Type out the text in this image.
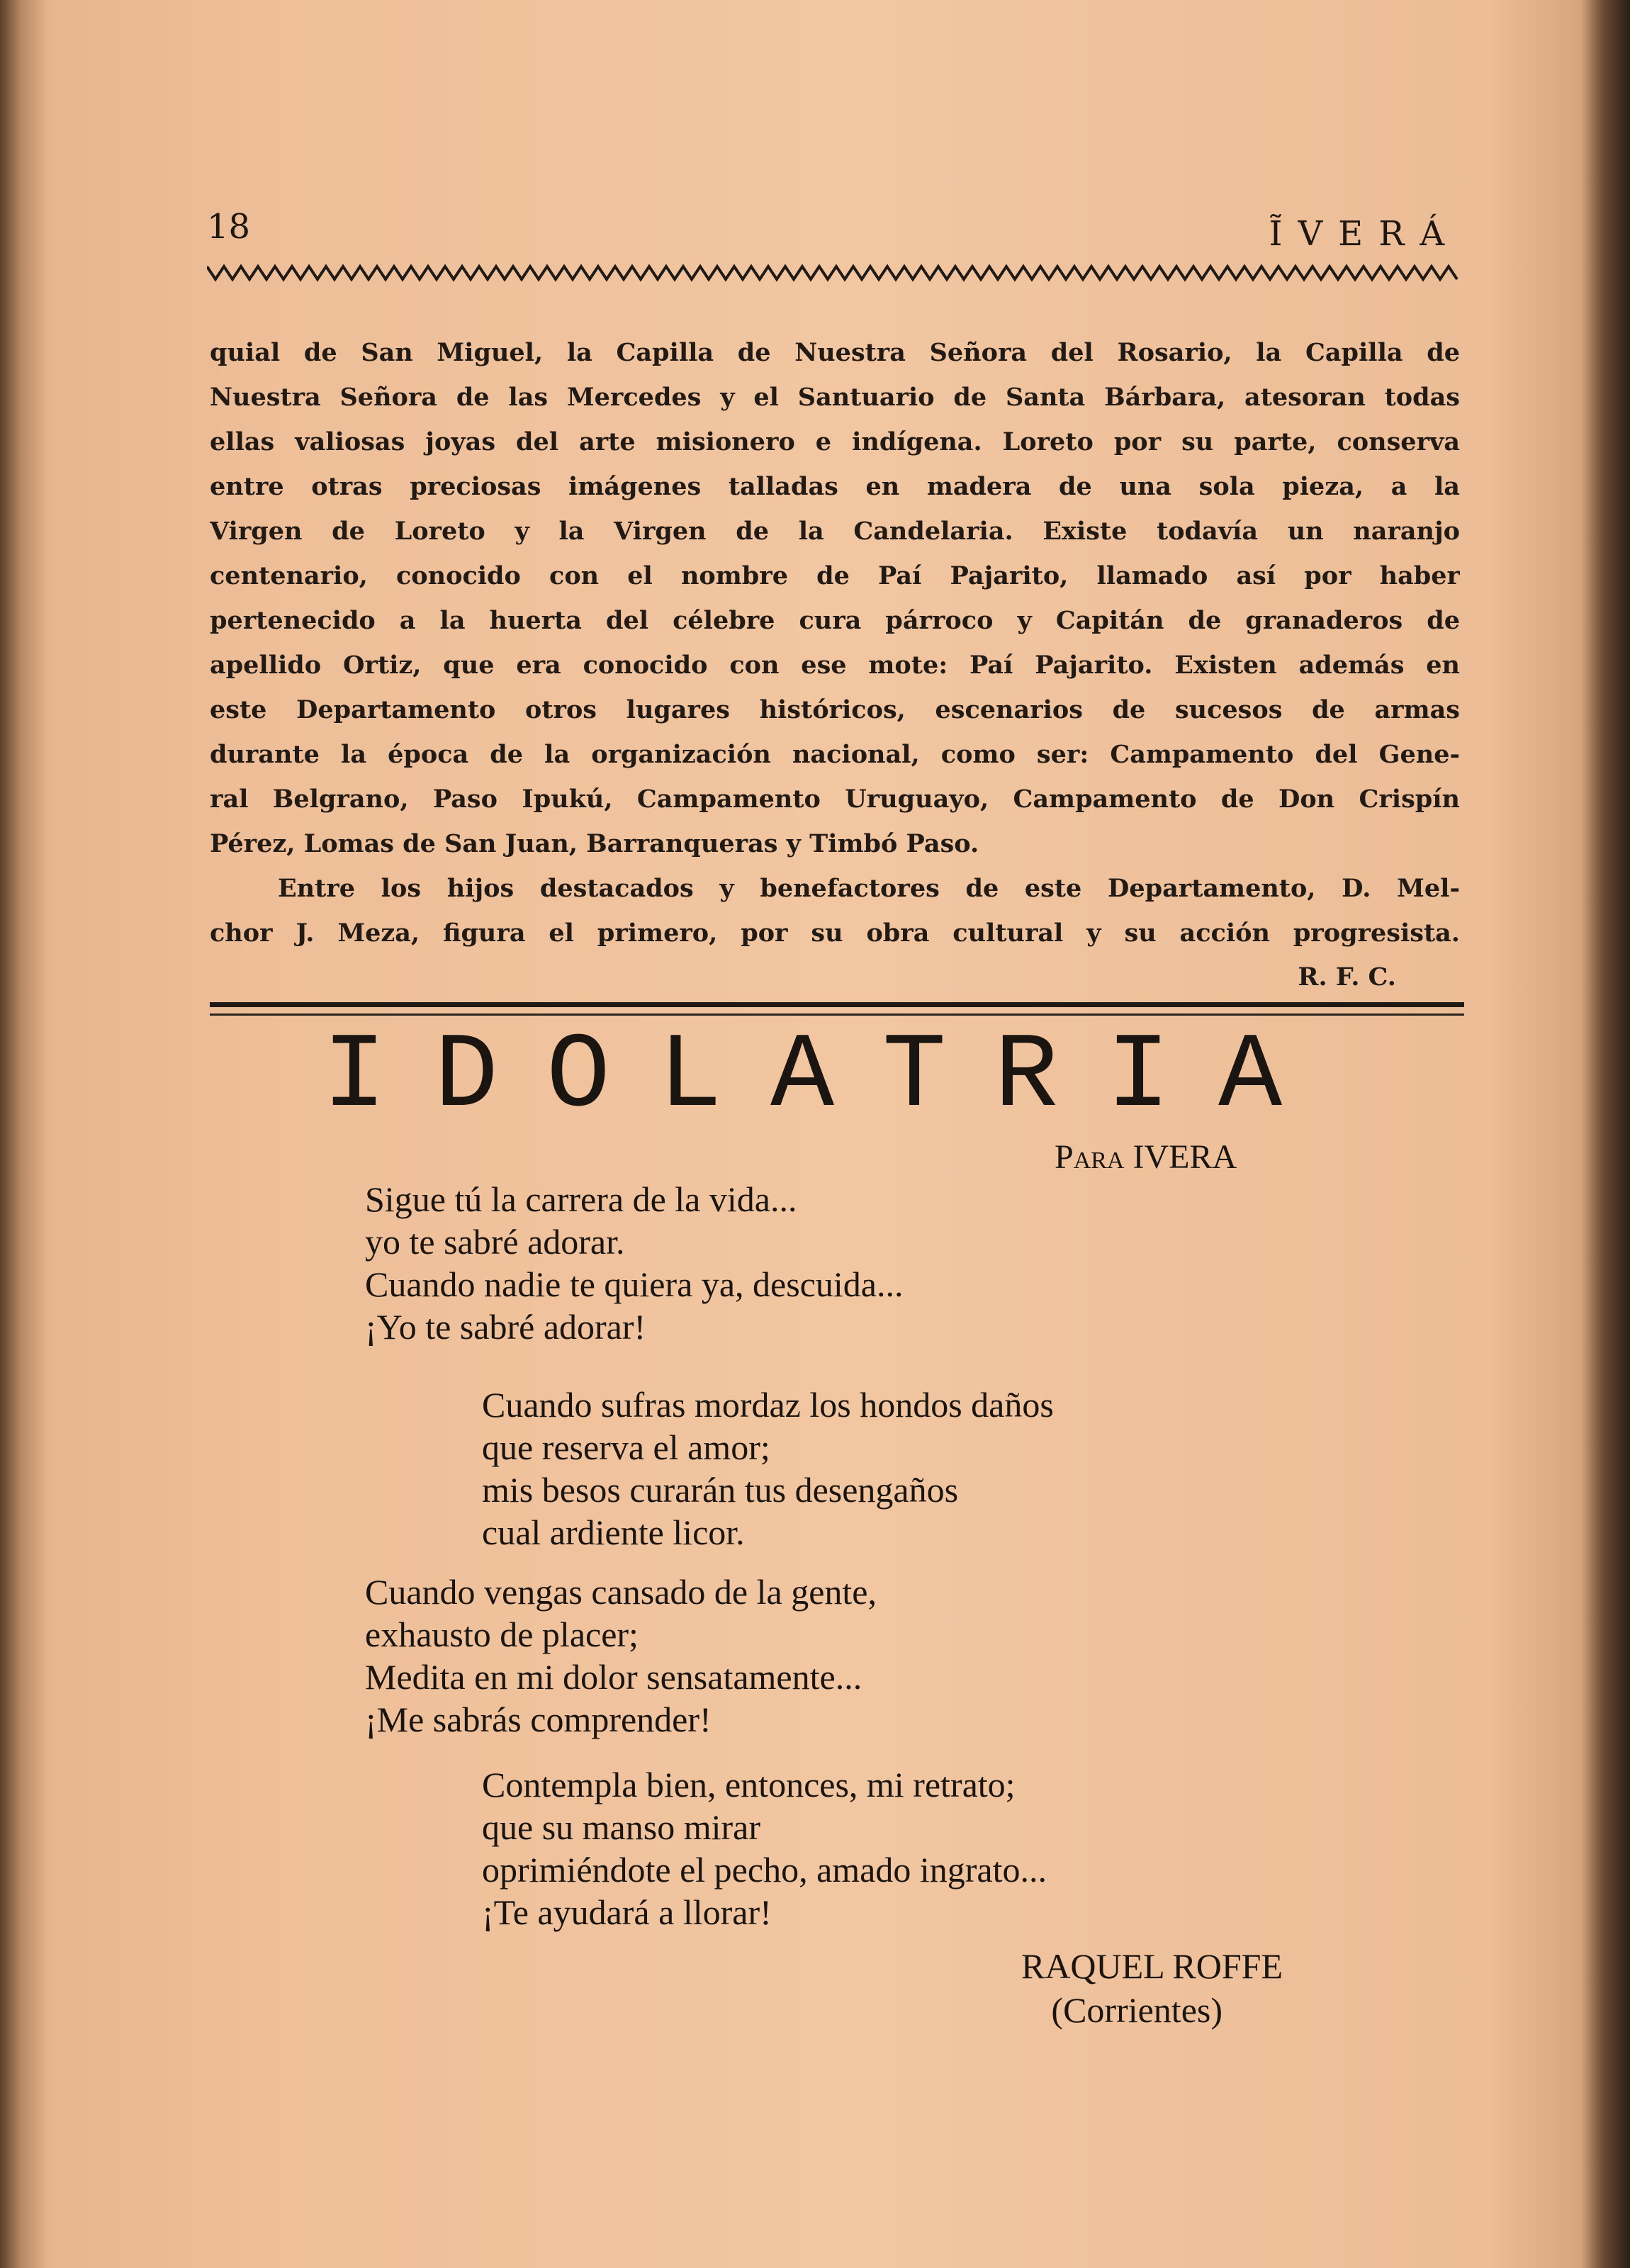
18	ĨVERÁ
quial de San Miguel, la Capilla de Nuestra Señora del Rosario, la Capilla de
Nuestra Señora de las Mercedes y el Santuario de Santa Bárbara, atesoran todas
ellas valiosas joyas del arte misionero e indígena. Loreto por su parte, conserva
entre otras preciosas imágenes talladas en madera de una sola pieza, a la
Virgen de Loreto y la Virgen de la Candelaria. Existe todavía un naranjo
centenario, conocido con el nombre de Paí Pajarito, llamado así por haber
pertenecido a la huerta del célebre cura párroco y Capitán de granaderos de
apellido Ortiz, que era conocido con ese mote: Paí Pajarito. Existen además en
este Departamento otros lugares históricos, escenarios de sucesos de armas
durante la época de la organización nacional, como ser: Campamento del Gene-
ral Belgrano, Paso Ipukú, Campamento Uruguayo, Campamento de Don Crispín
Pérez, Lomas de San Juan, Barranqueras y Timbó Paso.
Entre los hijos destacados y benefactores de este Departamento, D. Mel-
chor J. Meza, figura el primero, por su obra cultural y su acción progresista.
R. F. C.
IDOLATRIA
Para IVERA
Sigue tú la carrera de la vida...
yo te sabré adorar.
Cuando nadie te quiera ya, descuida...
¡Yo te sabré adorar!
Cuando sufras mordaz los hondos daños
que reserva el amor;
mis besos curarán tus desengaños
cual ardiente licor.
Cuando vengas cansado de la gente,
exhausto de placer;
Medita en mi dolor sensatamente...
¡Me sabrás comprender!
Contempla bien, entonces, mi retrato;
que su manso mirar
oprimiéndote el pecho, amado ingrato...
¡Te ayudará a llorar!
RAQUEL ROFFE
(Corrientes)
